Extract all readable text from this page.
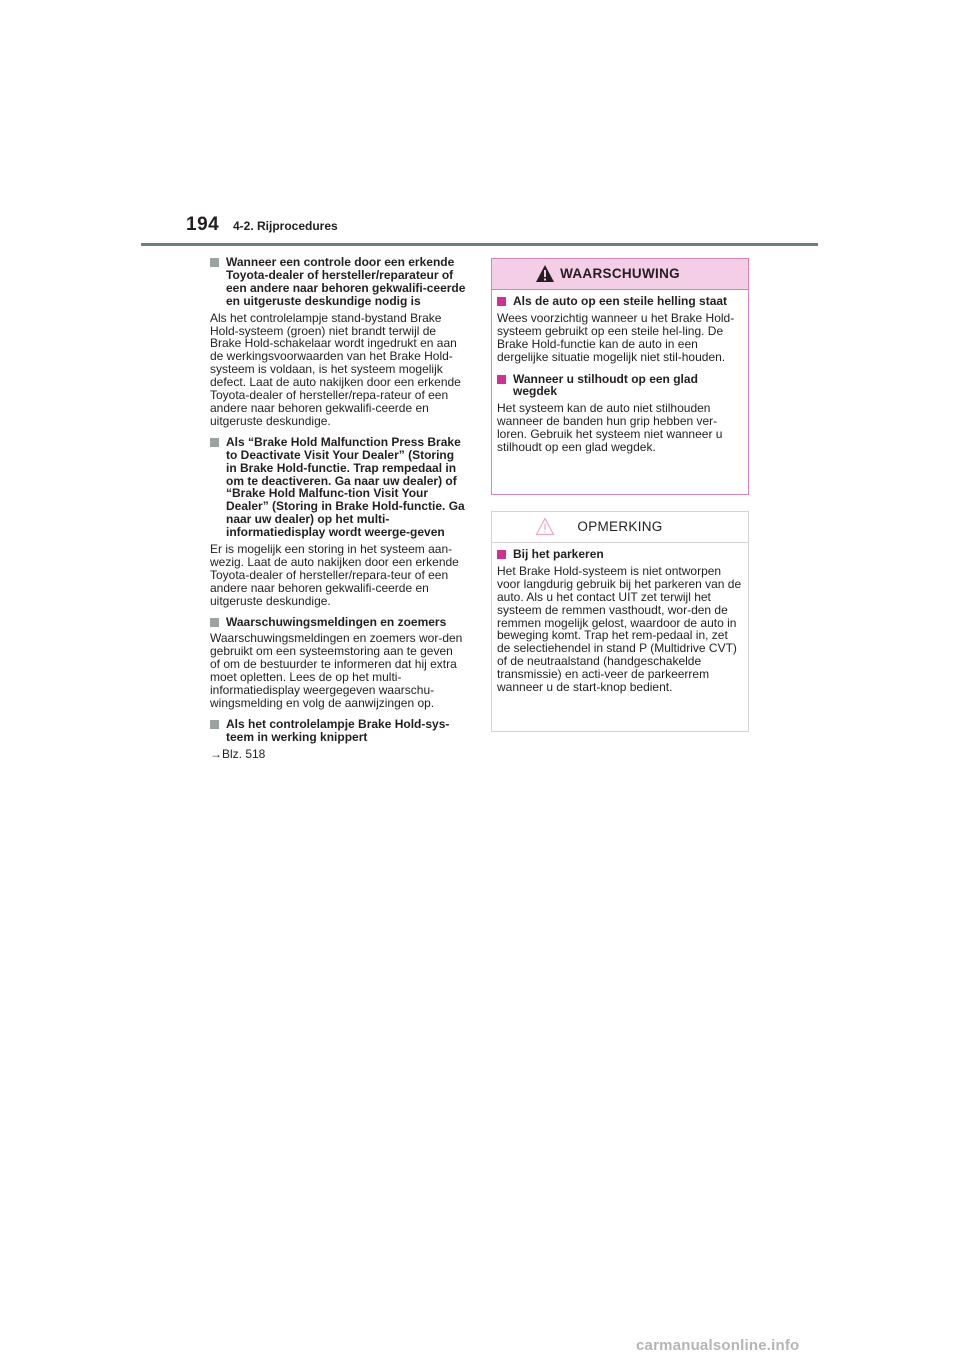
194 4-2. Rijprocedures
Wanneer een controle door een erkende Toyota-dealer of hersteller/reparateur of een andere naar behoren gekwalifi-ceerde en uitgeruste deskundige nodig is
Als het controlelampje stand-bystand Brake Hold-systeem (groen) niet brandt terwijl de Brake Hold-schakelaar wordt ingedrukt en aan de werkingsvoorwaarden van het Brake Hold-systeem is voldaan, is het systeem mogelijk defect. Laat de auto nakijken door een erkende Toyota-dealer of hersteller/repa-rateur of een andere naar behoren gekwalifi-ceerde en uitgeruste deskundige.
Als “Brake Hold Malfunction Press Brake to Deactivate Visit Your Dealer” (Storing in Brake Hold-functie. Trap rempedaal in om te deactiveren. Ga naar uw dealer) of “Brake Hold Malfunc-tion Visit Your Dealer” (Storing in Brake Hold-functie. Ga naar uw dealer) op het multi-informatiedisplay wordt weerge-geven
Er is mogelijk een storing in het systeem aan-wezig. Laat de auto nakijken door een erkende Toyota-dealer of hersteller/repara-teur of een andere naar behoren gekwalifi-ceerde en uitgeruste deskundige.
Waarschuwingsmeldingen en zoemers
Waarschuwingsmeldingen en zoemers wor-den gebruikt om een systeemstoring aan te geven of om de bestuurder te informeren dat hij extra moet opletten. Lees de op het multi-informatiedisplay weergegeven waarschu-wingsmelding en volg de aanwijzingen op.
Als het controlelampje Brake Hold-sys-teem in werking knippert
→Blz. 518
WAARSCHUWING
Als de auto op een steile helling staat
Wees voorzichtig wanneer u het Brake Hold-systeem gebruikt op een steile hel-ling. De Brake Hold-functie kan de auto in een dergelijke situatie mogelijk niet stil-houden.
Wanneer u stilhoudt op een glad wegdek
Het systeem kan de auto niet stilhouden wanneer de banden hun grip hebben ver-loren. Gebruik het systeem niet wanneer u stilhoudt op een glad wegdek.
OPMERKING
Bij het parkeren
Het Brake Hold-systeem is niet ontworpen voor langdurig gebruik bij het parkeren van de auto. Als u het contact UIT zet terwijl het systeem de remmen vasthoudt, wor-den de remmen mogelijk gelost, waardoor de auto in beweging komt. Trap het rem-pedaal in, zet de selectiehendel in stand P (Multidrive CVT) of de neutraalstand (handgeschakelde transmissie) en acti-veer de parkeerrem wanneer u de start-knop bedient.
carmanualsonline.info
